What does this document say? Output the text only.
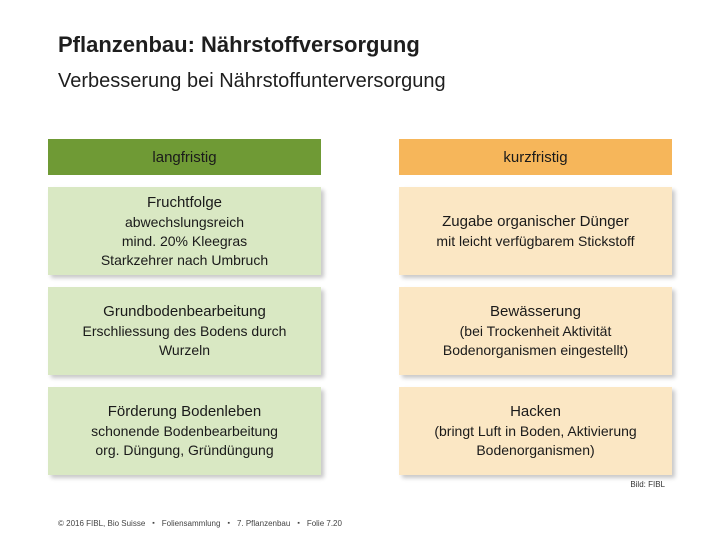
Pflanzenbau: Nährstoffversorgung
Verbesserung bei Nährstoffunterversorgung
langfristig	kurzfristig
Fruchtfolge
abwechslungsreich
mind. 20% Kleegras
Starkzehrer nach Umbruch
Grundbodenbearbeitung
Erschliessung des Bodens durch
Wurzeln
Förderung Bodenleben
schonende Bodenbearbeitung
org. Düngung, Gründüngung
Zugabe organischer Dünger
mit leicht verfügbarem Stickstoff
Bewässerung
(bei Trockenheit Aktivität
Bodenorganismen eingestellt)
Hacken
(bringt Luft in Boden, Aktivierung
Bodenorganismen)
Bild: FIBL
© 2016 FIBL, Bio Suisse ▪ Foliensammlung ▪ 7. Pflanzenbau ▪ Folie 7.20
